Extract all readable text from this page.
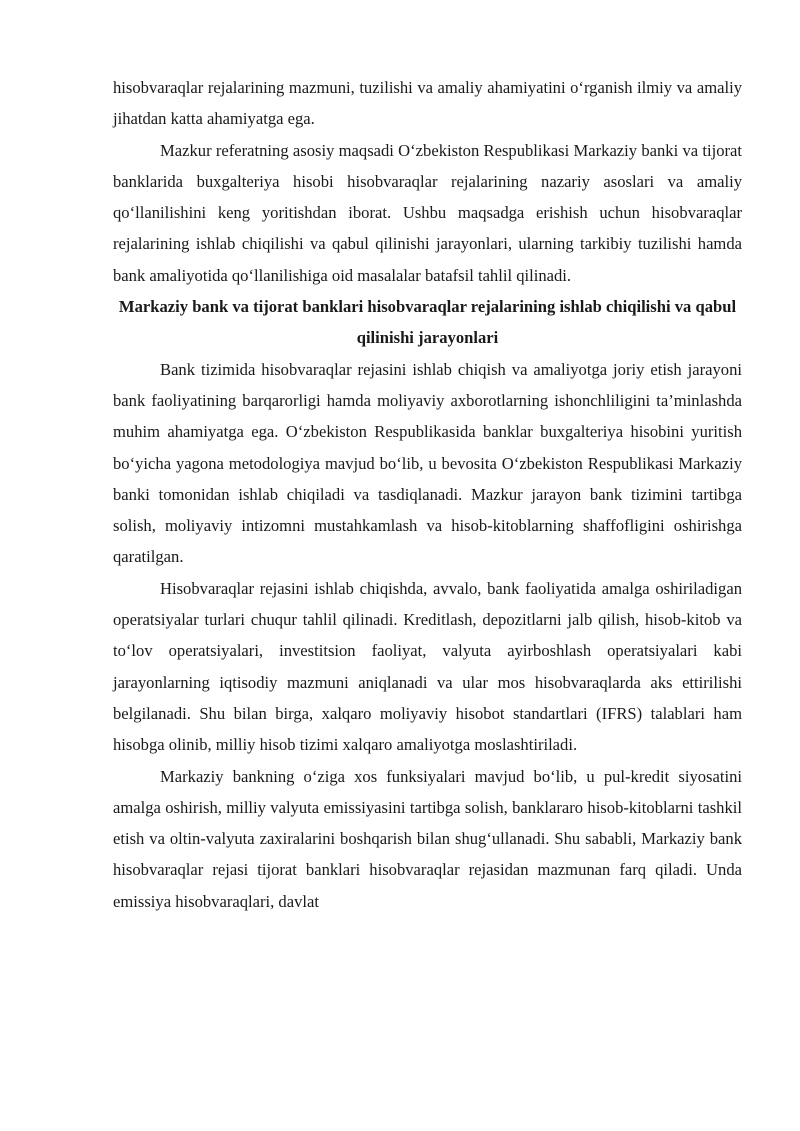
hisobvaraqlar rejalarining mazmuni, tuzilishi va amaliy ahamiyatini o‘rganish ilmiy va amaliy jihatdan katta ahamiyatga ega.

Mazkur referatning asosiy maqsadi O‘zbekiston Respublikasi Markaziy banki va tijorat banklarida buxgalteriya hisobi hisobvaraqlar rejalarining nazariy asoslari va amaliy qo‘llanilishini keng yoritishdan iborat. Ushbu maqsadga erishish uchun hisobvaraqlar rejalarining ishlab chiqilishi va qabul qilinishi jarayonlari, ularning tarkibiy tuzilishi hamda bank amaliyotida qo‘llanilishiga oid masalalar batafsil tahlil qilinadi.

Markaziy bank va tijorat banklari hisobvaraqlar rejalarining ishlab chiqilishi va qabul qilinishi jarayonlari

Bank tizimida hisobvaraqlar rejasini ishlab chiqish va amaliyotga joriy etish jarayoni bank faoliyatining barqarorligi hamda moliyaviy axborotlarning ishonchliligini ta’minlashda muhim ahamiyatga ega. O‘zbekiston Respublikasida banklar buxgalteriya hisobini yuritish bo‘yicha yagona metodologiya mavjud bo‘lib, u bevosita O‘zbekiston Respublikasi Markaziy banki tomonidan ishlab chiqiladi va tasdiqlanadi. Mazkur jarayon bank tizimini tartibga solish, moliyaviy intizomni mustahkamlash va hisob-kitoblarning shaffofligini oshirishga qaratilgan.

Hisobvaraqlar rejasini ishlab chiqishda, avvalo, bank faoliyatida amalga oshiriladigan operatsiyalar turlari chuqur tahlil qilinadi. Kreditlash, depozitlarni jalb qilish, hisob-kitob va to‘lov operatsiyalari, investitsion faoliyat, valyuta ayirboshlash operatsiyalari kabi jarayonlarning iqtisodiy mazmuni aniqlanadi va ular mos hisobvaraqlarda aks ettirilishi belgilanadi. Shu bilan birga, xalqaro moliyaviy hisobot standartlari (IFRS) talablari ham hisobga olinib, milliy hisob tizimi xalqaro amaliyotga moslashtiriladi.

Markaziy bankning o‘ziga xos funksiyalari mavjud bo‘lib, u pul-kredit siyosatini amalga oshirish, milliy valyuta emissiyasini tartibga solish, banklararo hisob-kitoblarni tashkil etish va oltin-valyuta zaxiralarini boshqarish bilan shug‘ullanadi. Shu sababli, Markaziy bank hisobvaraqlar rejasi tijorat banklari hisobvaraqlar rejasidan mazmunan farq qiladi. Unda emissiya hisobvaraqlari, davlat
